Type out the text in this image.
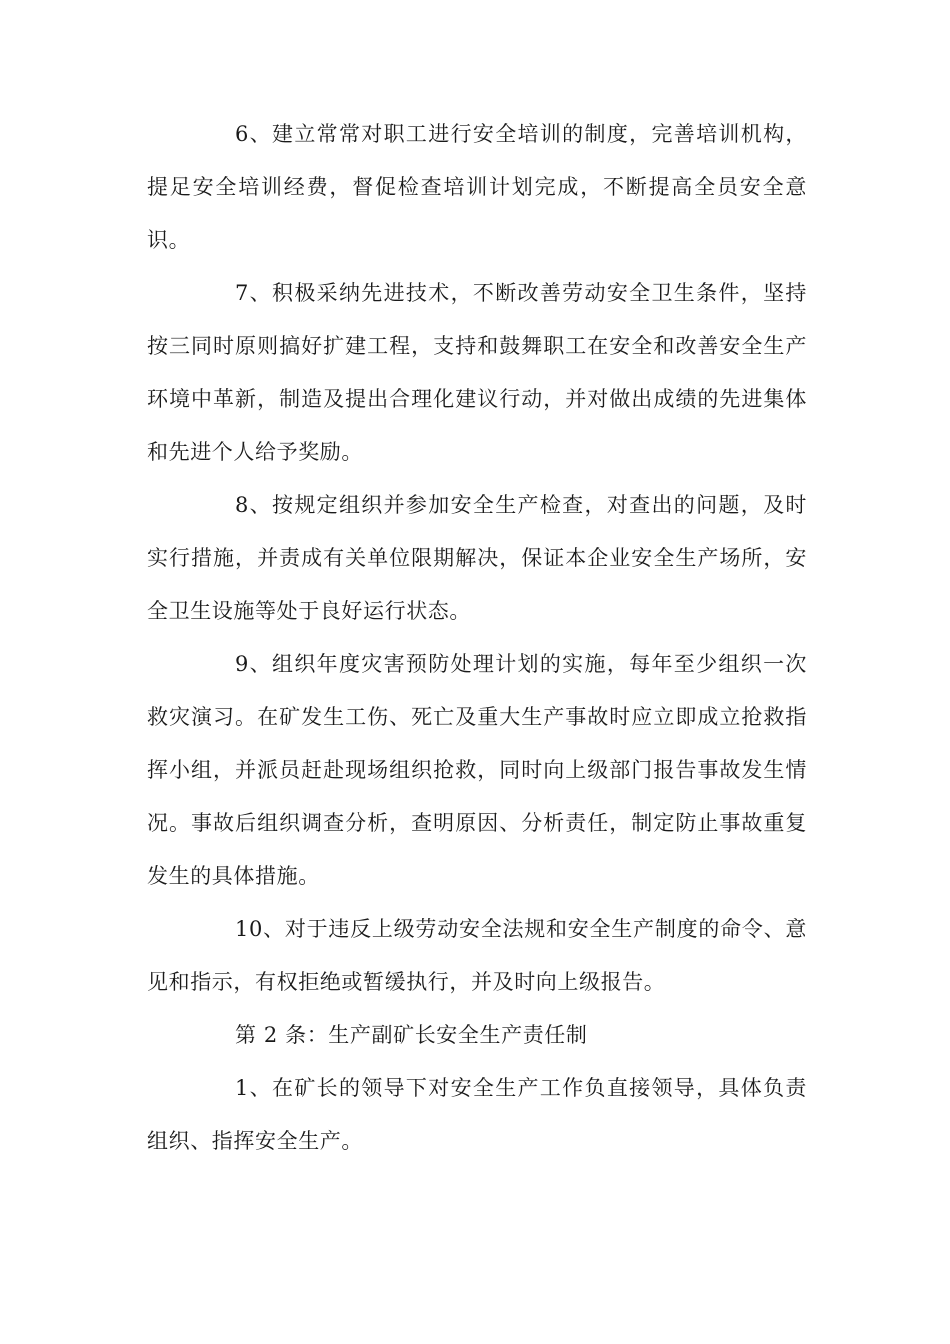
6、建立常常对职工进行安全培训的制度，完善培训机构，提足安全培训经费，督促检查培训计划完成，不断提高全员安全意识。

7、积极采纳先进技术，不断改善劳动安全卫生条件，坚持按三同时原则搞好扩建工程，支持和鼓舞职工在安全和改善安全生产环境中革新，制造及提出合理化建议行动，并对做出成绩的先进集体和先进个人给予奖励。

8、按规定组织并参加安全生产检查，对查出的问题，及时实行措施，并责成有关单位限期解决，保证本企业安全生产场所，安全卫生设施等处于良好运行状态。

9、组织年度灾害预防处理计划的实施，每年至少组织一次救灾演习。在矿发生工伤、死亡及重大生产事故时应立即成立抢救指挥小组，并派员赶赴现场组织抢救，同时向上级部门报告事故发生情况。事故后组织调查分析，查明原因、分析责任，制定防止事故重复发生的具体措施。

10、对于违反上级劳动安全法规和安全生产制度的命令、意见和指示，有权拒绝或暂缓执行，并及时向上级报告。

第 2 条：生产副矿长安全生产责任制

1、在矿长的领导下对安全生产工作负直接领导，具体负责组织、指挥安全生产。
